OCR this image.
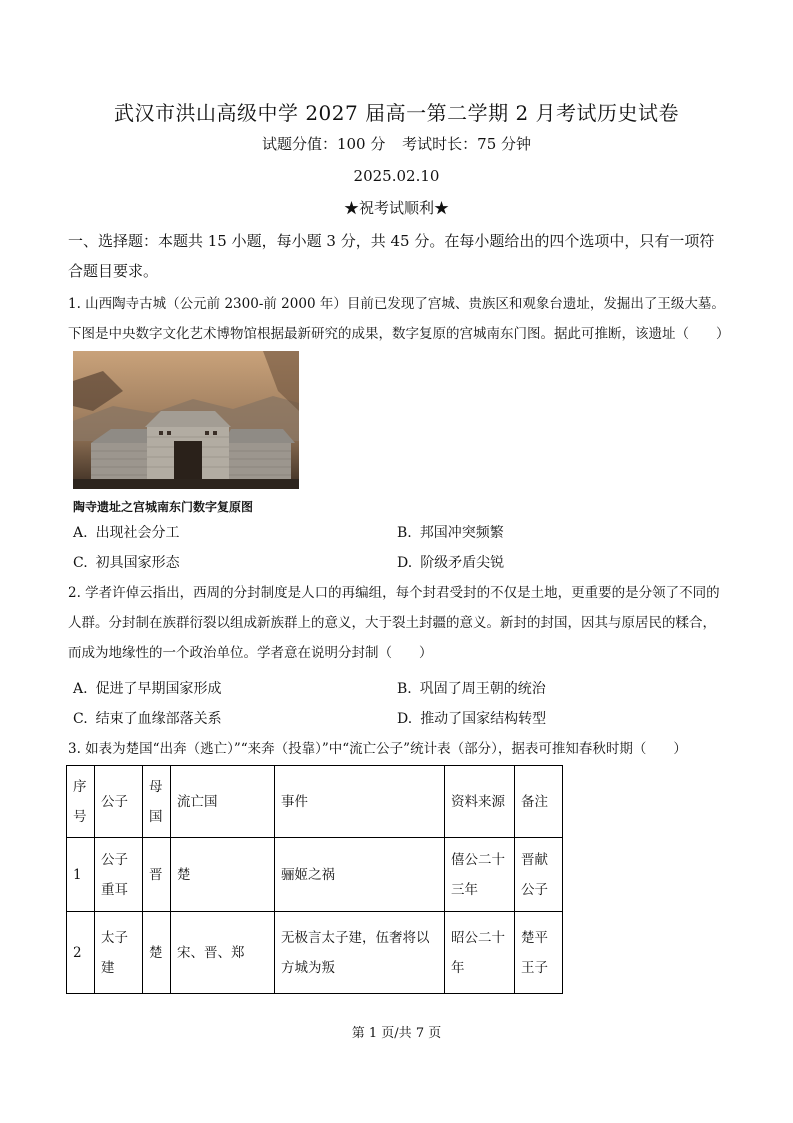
武汉市洪山高级中学 2027 届高一第二学期 2 月考试历史试卷
试题分值：100 分 考试时长：75 分钟
2025.02.10
★祝考试顺利★
一、选择题：本题共 15 小题，每小题 3 分，共 45 分。在每小题给出的四个选项中，只有一项符合题目要求。
1. 山西陶寺古城（公元前 2300-前 2000 年）目前已发现了宫城、贵族区和观象台遗址，发掘出了王级大墓。下图是中央数字文化艺术博物馆根据最新研究的成果，数字复原的宫城南东门图。据此可推断，该遗址（　　）
陶寺遗址之宫城南东门数字复原图
A. 出现社会分工	B. 邦国冲突频繁
C. 初具国家形态	D. 阶级矛盾尖锐
2. 学者许倬云指出，西周的分封制度是人口的再编组，每个封君受封的不仅是土地，更重要的是分领了不同的人群。分封制在族群衍裂以组成新族群上的意义，大于裂土封疆的意义。新封的封国，因其与原居民的糅合，而成为地缘性的一个政治单位。学者意在说明分封制（　　）
A. 促进了早期国家形成	B. 巩固了周王朝的统治
C. 结束了血缘部落关系	D. 推动了国家结构转型
3. 如表为楚国“出奔（逃亡）”“来奔（投靠）”中“流亡公子”统计表（部分），据表可推知春秋时期（　　）
序号	公子	母国	流亡国	事件	资料来源	备注
1	公子重耳	晋	楚	骊姬之祸	僖公二十三年	晋献公子
2	太子建	楚	宋、晋、郑	无极言太子建，伍奢将以方城为叛	昭公二十年	楚平王子
第 1 页/共 7 页
